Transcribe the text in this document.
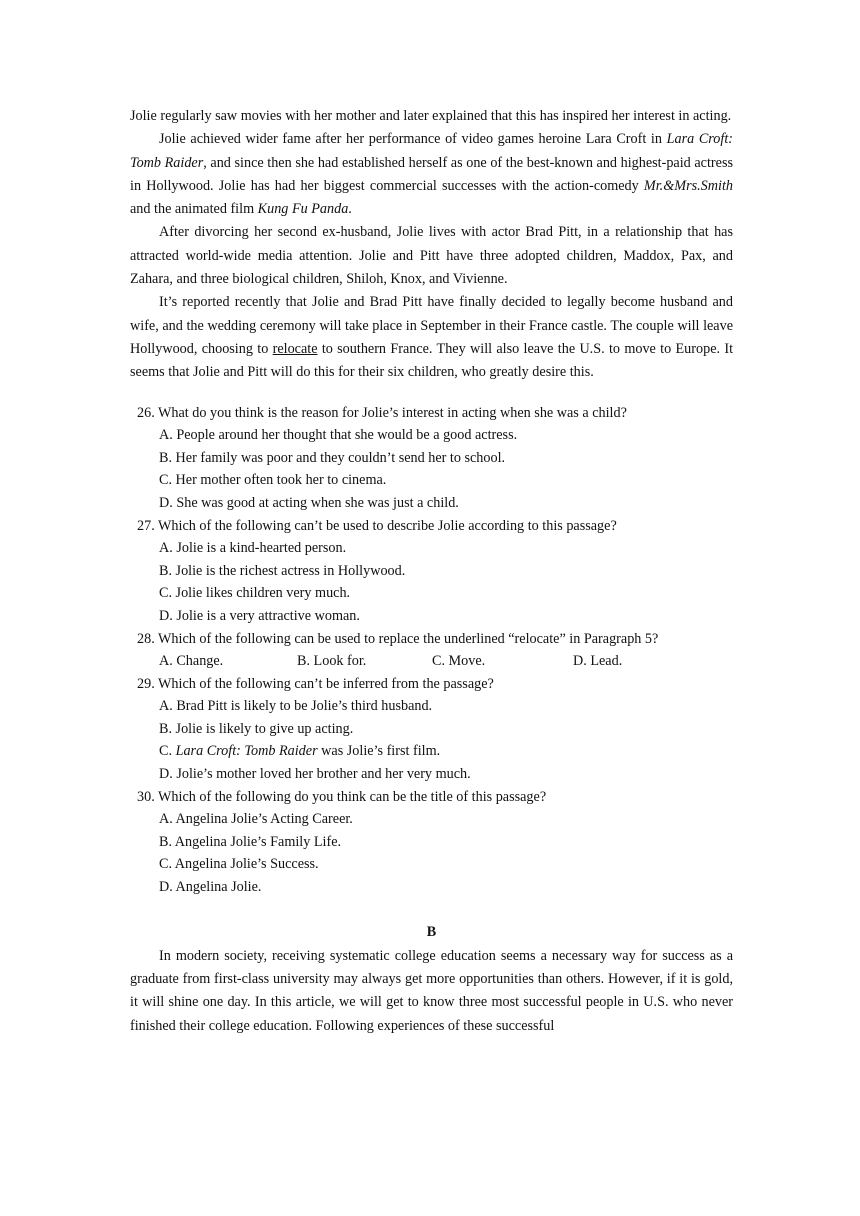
Jolie regularly saw movies with her mother and later explained that this has inspired her interest in acting.

Jolie achieved wider fame after her performance of video games heroine Lara Croft in Lara Croft: Tomb Raider, and since then she had established herself as one of the best-known and highest-paid actress in Hollywood. Jolie has had her biggest commercial successes with the action-comedy Mr.&Mrs.Smith and the animated film Kung Fu Panda.

After divorcing her second ex-husband, Jolie lives with actor Brad Pitt, in a relationship that has attracted world-wide media attention. Jolie and Pitt have three adopted children, Maddox, Pax, and Zahara, and three biological children, Shiloh, Knox, and Vivienne.

It’s reported recently that Jolie and Brad Pitt have finally decided to legally become husband and wife, and the wedding ceremony will take place in September in their France castle. The couple will leave Hollywood, choosing to relocate to southern France. They will also leave the U.S. to move to Europe. It seems that Jolie and Pitt will do this for their six children, who greatly desire this.

26. What do you think is the reason for Jolie’s interest in acting when she was a child?
A. People around her thought that she would be a good actress.
B. Her family was poor and they couldn’t send her to school.
C. Her mother often took her to cinema.
D. She was good at acting when she was just a child.
27. Which of the following can’t be used to describe Jolie according to this passage?
A. Jolie is a kind-hearted person.
B. Jolie is the richest actress in Hollywood.
C. Jolie likes children very much.
D. Jolie is a very attractive woman.
28. Which of the following can be used to replace the underlined “relocate” in Paragraph 5?
A. Change.	B. Look for.	C. Move.	D. Lead.
29. Which of the following can’t be inferred from the passage?
A. Brad Pitt is likely to be Jolie’s third husband.
B. Jolie is likely to give up acting.
C. Lara Croft: Tomb Raider was Jolie’s first film.
D. Jolie’s mother loved her brother and her very much.
30. Which of the following do you think can be the title of this passage?
A. Angelina Jolie’s Acting Career.
B. Angelina Jolie’s Family Life.
C. Angelina Jolie’s Success.
D. Angelina Jolie.
B

In modern society, receiving systematic college education seems a necessary way for success as a graduate from first-class university may always get more opportunities than others. However, if it is gold, it will shine one day. In this article, we will get to know three most successful people in U.S. who never finished their college education. Following experiences of these successful
